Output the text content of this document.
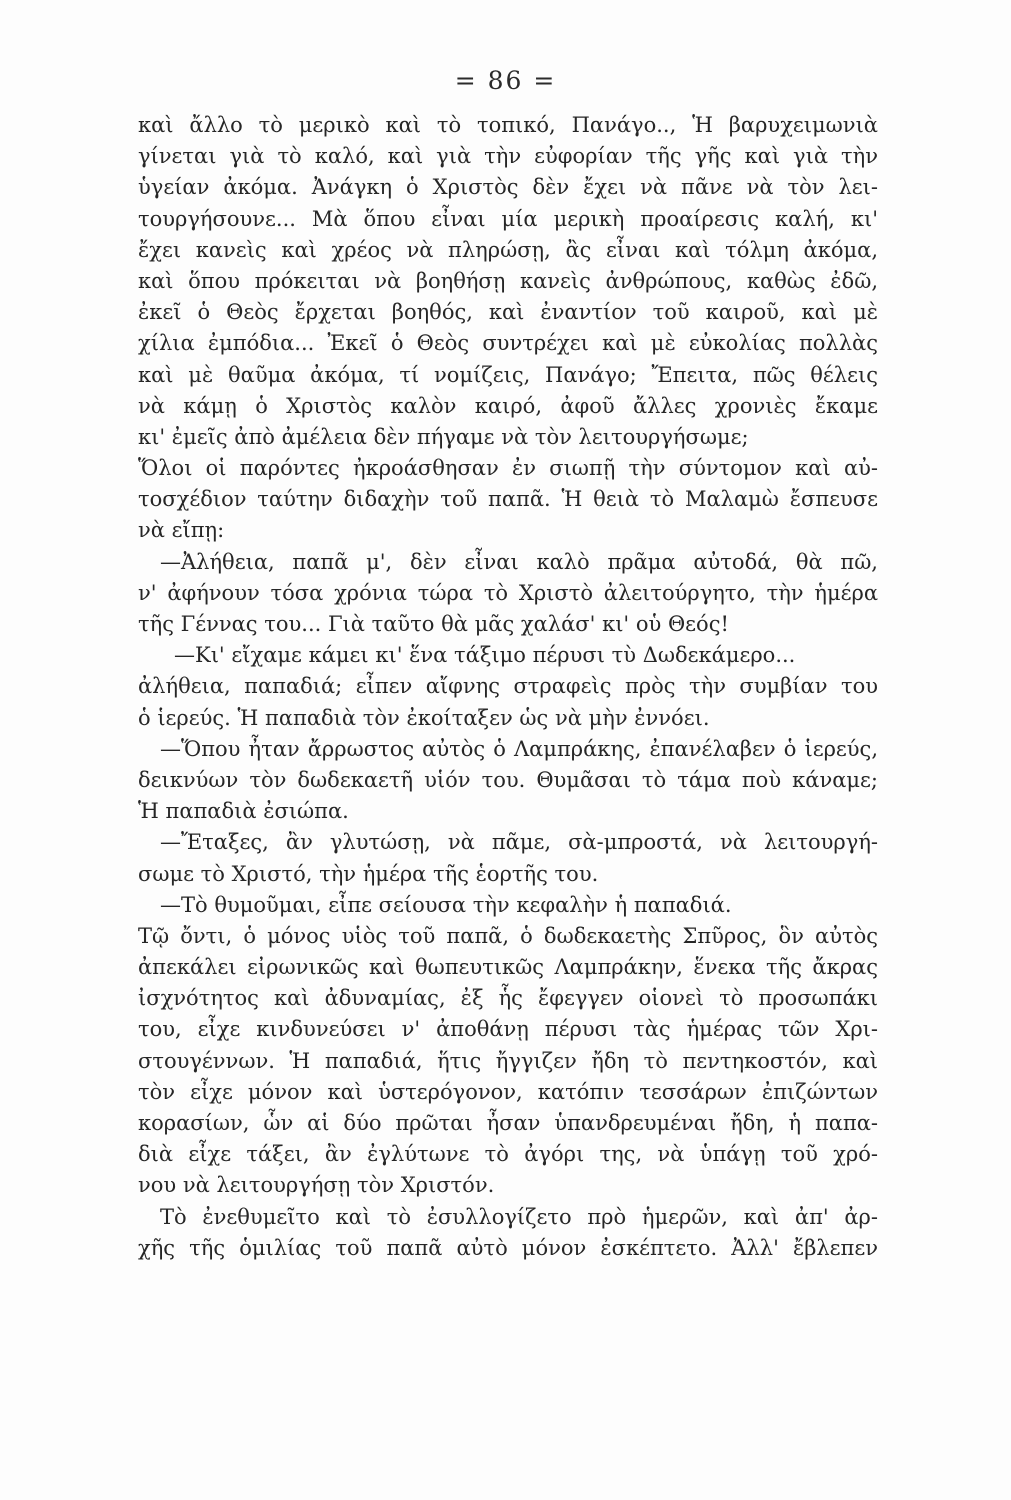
= 86 =
καὶ ἄλλο τὸ μερικὸ καὶ τὸ τοπικό, Πανάγο.., Ἡ βαρυχειμωνιὰ
γίνεται γιὰ τὸ καλό, καὶ γιὰ τὴν εὐφορίαν τῆς γῆς καὶ γιὰ τὴν
ὑγείαν ἀκόμα. Ἀνάγκη ὁ Χριστὸς δὲν ἔχει νὰ πᾶνε νὰ τὸν λει-
τουργήσουνε... Μὰ ὅπου εἶναι μία μερικὴ προαίρεσις καλή, κι'
ἔχει κανεὶς καὶ χρέος νὰ πληρώσῃ, ἂς εἶναι καὶ τόλμη ἀκόμα,
καὶ ὅπου πρόκειται νὰ βοηθήσῃ κανεὶς ἀνθρώπους, καθὼς ἐδῶ,
ἐκεῖ ὁ Θεὸς ἔρχεται βοηθός, καὶ ἐναντίον τοῦ καιροῦ, καὶ μὲ
χίλια ἐμπόδια... Ἐκεῖ ὁ Θεὸς συντρέχει καὶ μὲ εὐκολίας πολλὰς
καὶ μὲ θαῦμα ἀκόμα, τί νομίζεις, Πανάγο; Ἔπειτα, πῶς θέλεις
νὰ κάμῃ ὁ Χριστὸς καλὸν καιρό, ἀφοῦ ἄλλες χρονιὲς ἔκαμε
κι' ἐμεῖς ἀπὸ ἀμέλεια δὲν πήγαμε νὰ τὸν λειτουργήσωμε;
Ὅλοι οἱ παρόντες ἠκροάσθησαν ἐν σιωπῇ τὴν σύντομον καὶ αὐ-
τοσχέδιον ταύτην διδαχὴν τοῦ παπᾶ. Ἡ θειὰ τὸ Μαλαμὼ ἔσπευσε
νὰ εἴπῃ:
—Ἀλήθεια, παπᾶ μ', δὲν εἶναι καλὸ πρᾶμα αὐτοδά, θὰ πῶ,
ν' ἀφήνουν τόσα χρόνια τώρα τὸ Χριστὸ ἀλειτούργητο, τὴν ἡμέρα
τῆς Γέννας του... Γιὰ ταῦτο θὰ μᾶς χαλάσ' κι' οὑ Θεός!
—Κι' εἴχαμε κάμει κι' ἕνα τάξιμο πέρυσι τὺ Δωδεκάμερο...
ἀλήθεια, παπαδιά; εἶπεν αἴφνης στραφεὶς πρὸς τὴν συμβίαν του
ὁ ἱερεύς. Ἡ παπαδιὰ τὸν ἐκοίταξεν ὡς νὰ μὴν ἐννόει.
—Ὅπου ἦταν ἄρρωστος αὐτὸς ὁ Λαμπράκης, ἐπανέλαβεν ὁ ἱερεύς,
δεικνύων τὸν δωδεκαετῆ υἱόν του. Θυμᾶσαι τὸ τάμα ποὺ κάναμε;
Ἡ παπαδιὰ ἐσιώπα.
—Ἔταξες, ἂν γλυτώσῃ, νὰ πᾶμε, σὰ-μπροστά, νὰ λειτουργή-
σωμε τὸ Χριστό, τὴν ἡμέρα τῆς ἑορτῆς του.
—Τὸ θυμοῦμαι, εἶπε σείουσα τὴν κεφαλὴν ἡ παπαδιά.
Τῷ ὄντι, ὁ μόνος υἱὸς τοῦ παπᾶ, ὁ δωδεκαετὴς Σπῦρος, ὃν αὐτὸς
ἀπεκάλει εἰρωνικῶς καὶ θωπευτικῶς Λαμπράκην, ἕνεκα τῆς ἄκρας
ἰσχνότητος καὶ ἀδυναμίας, ἐξ ἧς ἔφεγγεν οἱονεὶ τὸ προσωπάκι
του, εἶχε κινδυνεύσει ν' ἀποθάνῃ πέρυσι τὰς ἡμέρας τῶν Χρι-
στουγέννων. Ἡ παπαδιά, ἥτις ἤγγιζεν ἤδη τὸ πεντηκοστόν, καὶ
τὸν εἶχε μόνον καὶ ὑστερόγονον, κατόπιν τεσσάρων ἐπιζώντων
κορασίων, ὧν αἱ δύο πρῶται ἦσαν ὑπανδρευμέναι ἤδη, ἡ παπα-
διὰ εἶχε τάξει, ἂν ἐγλύτωνε τὸ ἀγόρι της, νὰ ὑπάγῃ τοῦ χρό-
νου νὰ λειτουργήσῃ τὸν Χριστόν.
Τὸ ἐνεθυμεῖτο καὶ τὸ ἐσυλλογίζετο πρὸ ἡμερῶν, καὶ ἀπ' ἀρ-
χῆς τῆς ὁμιλίας τοῦ παπᾶ αὐτὸ μόνον ἐσκέπτετο. Ἀλλ' ἔβλεπεν
